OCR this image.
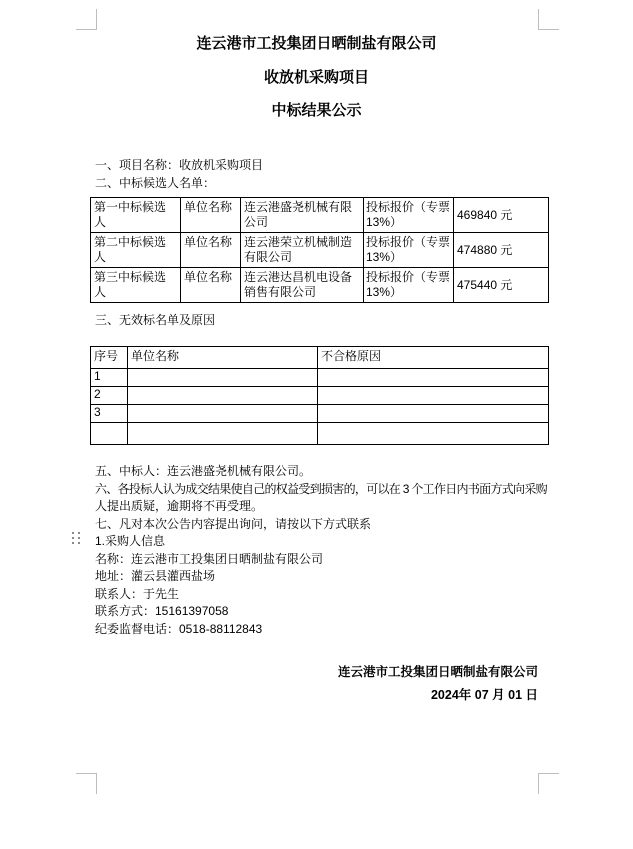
连云港市工投集团日晒制盐有限公司
收放机采购项目
中标结果公示
一、项目名称：收放机采购项目
二、中标候选人名单：
第一中标候选人	单位名称	连云港盛尧机械有限公司	投标报价（专票13%）	469840 元
第二中标候选人	单位名称	连云港荣立机械制造有限公司	投标报价（专票13%）	474880 元
第三中标候选人	单位名称	连云港达昌机电设备销售有限公司	投标报价（专票13%）	475440 元
三、无效标名单及原因
序号	单位名称	不合格原因
1		
2		
3		

五、中标人：连云港盛尧机械有限公司。
六、各投标人认为成交结果使自己的权益受到损害的，可以在 3 个工作日内书面方式向采购
人提出质疑，逾期将不再受理。
七、凡对本次公告内容提出询问，请按以下方式联系
1.采购人信息
名称：连云港市工投集团日晒制盐有限公司
地址：灌云县灌西盐场
联系人：于先生
联系方式：15161397058
纪委监督电话：0518-88112843
连云港市工投集团日晒制盐有限公司
2024年 07 月 01 日
